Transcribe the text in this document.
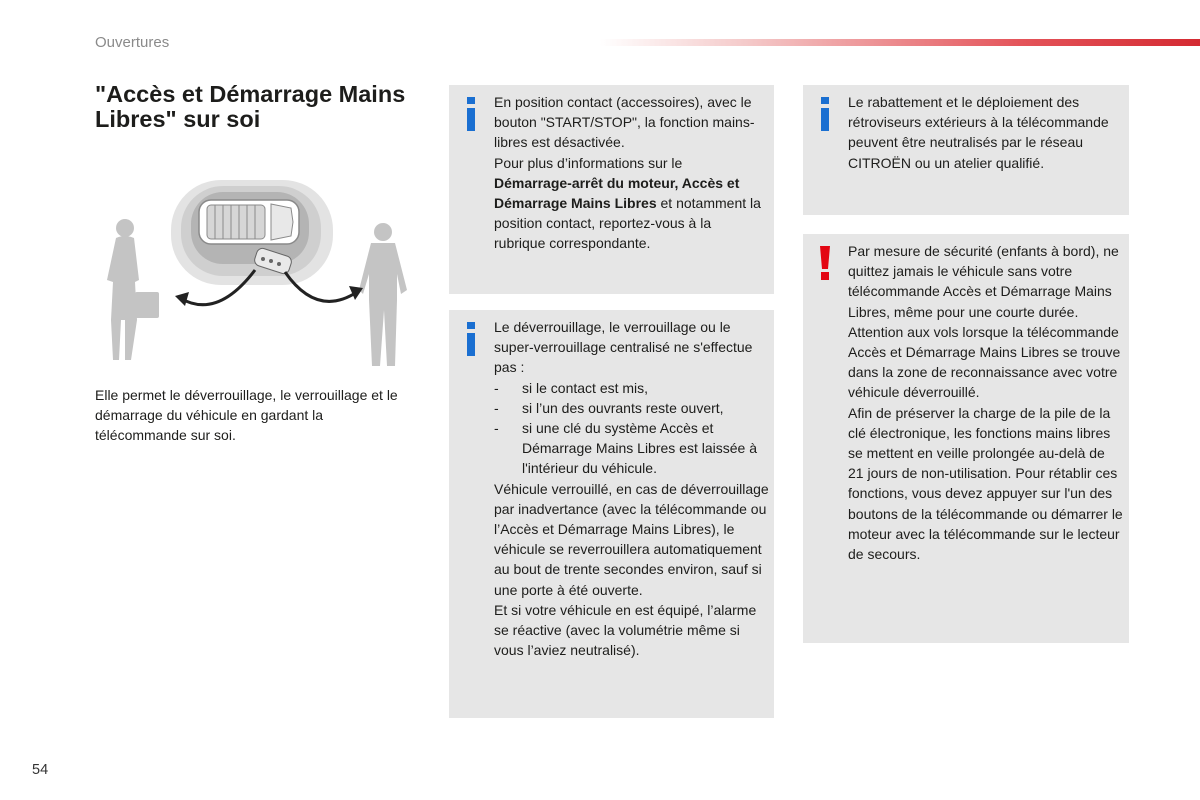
Ouvertures
"Accès et Démarrage Mains Libres" sur soi

Elle permet le déverrouillage, le verrouillage et le démarrage du véhicule en gardant la télécommande sur soi.

En position contact (accessoires), avec le bouton "START/STOP", la fonction mains-libres est désactivée.

Pour plus d’informations sur le Démarrage-arrêt du moteur, Accès et Démarrage Mains Libres et notamment la position contact, reportez-vous à la rubrique correspondante.

Le déverrouillage, le verrouillage ou le super-verrouillage centralisé ne s'effectue pas :

-	si le contact est mis,
-	si l’un des ouvrants reste ouvert,
-	si une clé du système Accès et Démarrage Mains Libres est laissée à l'intérieur du véhicule.

Véhicule verrouillé, en cas de déverrouillage par inadvertance (avec la télécommande ou l’Accès et Démarrage Mains Libres), le véhicule se reverrouillera automatiquement au bout de trente secondes environ, sauf si une porte à été ouverte.

Et si votre véhicule en est équipé, l’alarme se réactive (avec la volumétrie même si vous l’aviez neutralisé).

Le rabattement et le déploiement des rétroviseurs extérieurs à la télécommande peuvent être neutralisés par le réseau CITROËN ou un atelier qualifié.

Par mesure de sécurité (enfants à bord), ne quittez jamais le véhicule sans votre télécommande Accès et Démarrage Mains Libres, même pour une courte durée.

Attention aux vols lorsque la télécommande Accès et Démarrage Mains Libres se trouve dans la zone de reconnaissance avec votre véhicule déverrouillé.

Afin de préserver la charge de la pile de la clé électronique, les fonctions mains libres se mettent en veille prolongée au-delà de 21 jours de non-utilisation. Pour rétablir ces fonctions, vous devez appuyer sur l'un des boutons de la télécommande ou démarrer le moteur avec la télécommande sur le lecteur de secours.

54
